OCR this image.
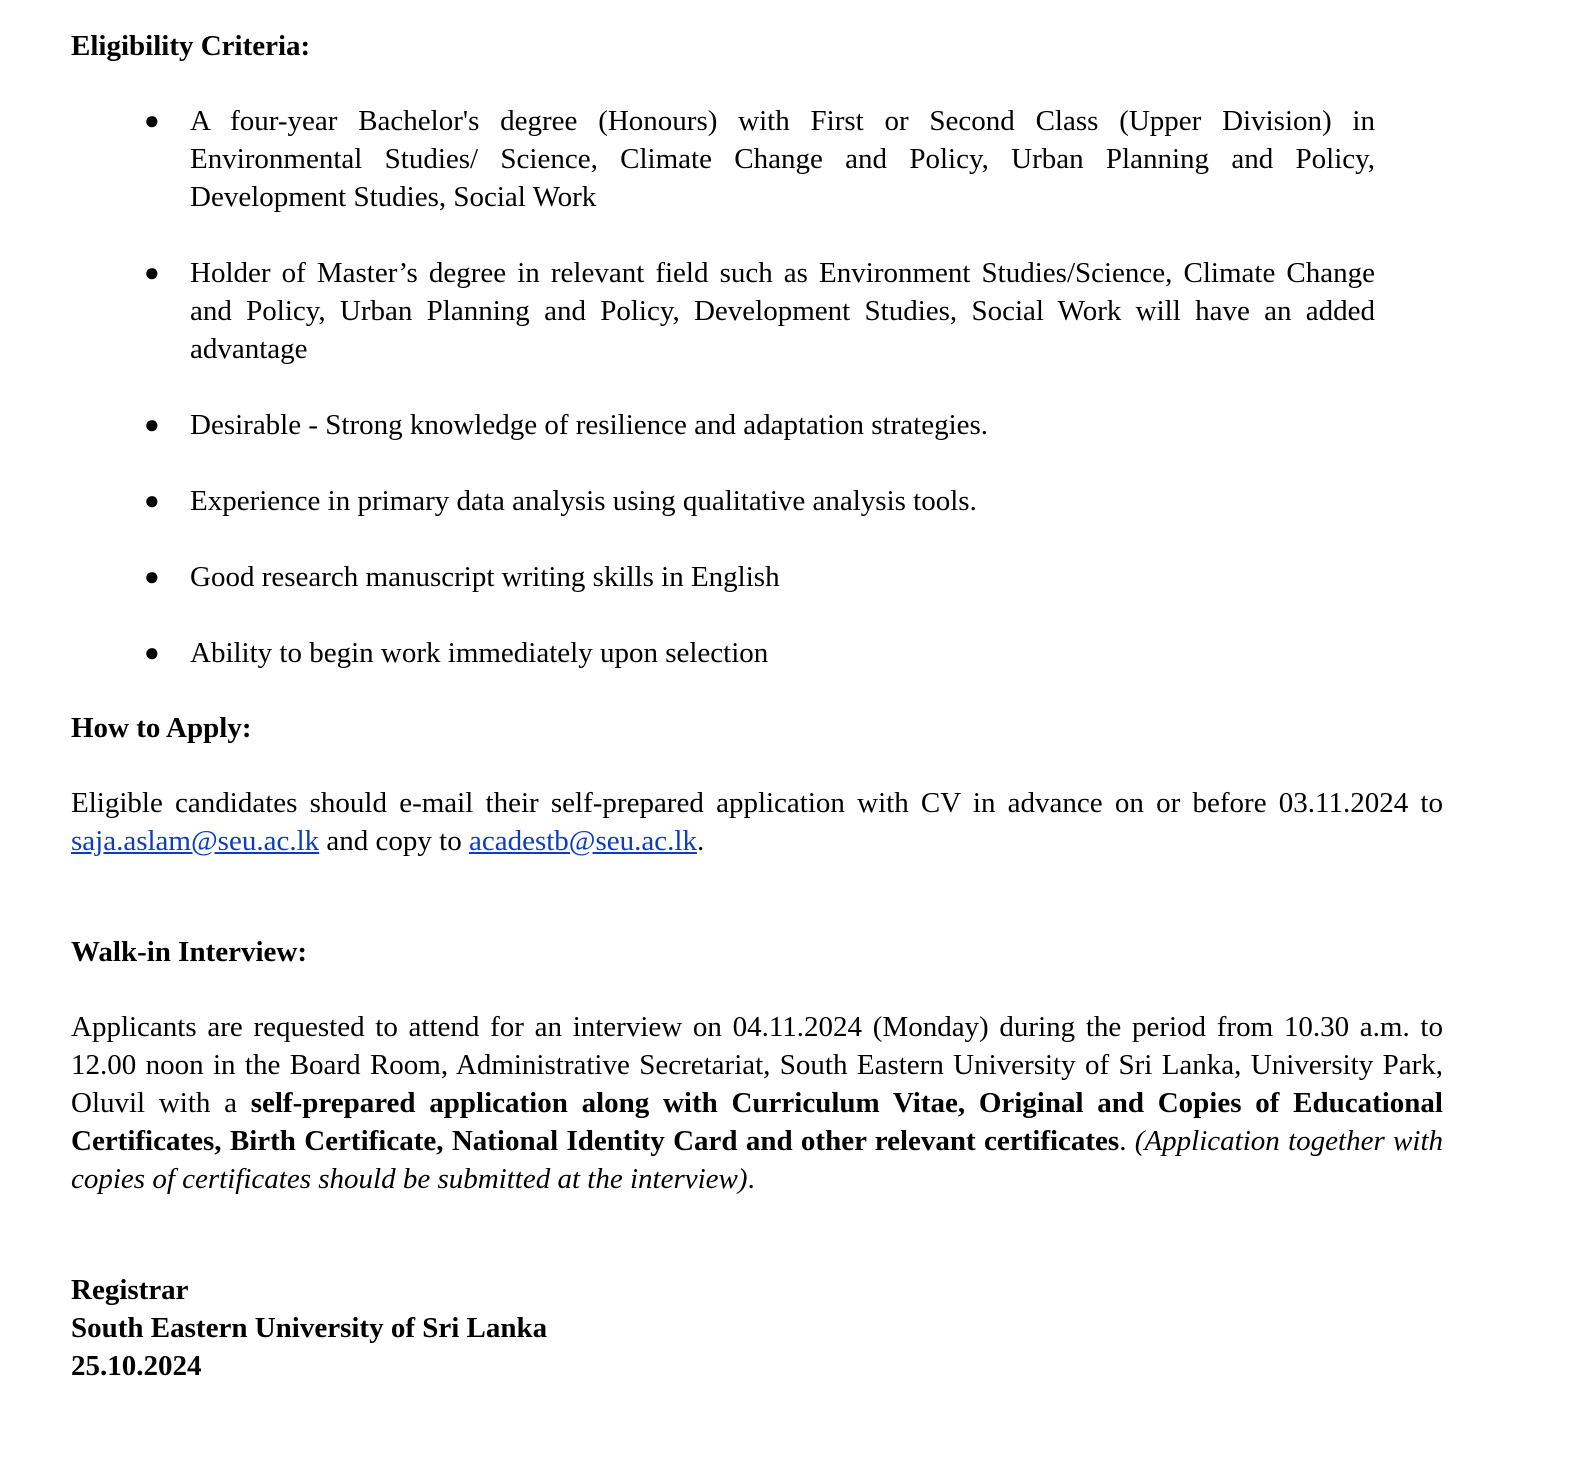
Eligibility Criteria:

● A four-year Bachelor's degree (Honours) with First or Second Class (Upper Division) in Environmental Studies/ Science, Climate Change and Policy, Urban Planning and Policy, Development Studies, Social Work
● Holder of Master’s degree in relevant field such as Environment Studies/Science, Climate Change and Policy, Urban Planning and Policy, Development Studies, Social Work will have an added advantage
● Desirable - Strong knowledge of resilience and adaptation strategies.
● Experience in primary data analysis using qualitative analysis tools.
● Good research manuscript writing skills in English
● Ability to begin work immediately upon selection

How to Apply:

Eligible candidates should e-mail their self-prepared application with CV in advance on or before 03.11.2024 to saja.aslam@seu.ac.lk and copy to acadestb@seu.ac.lk.

Walk-in Interview:

Applicants are requested to attend for an interview on 04.11.2024 (Monday) during the period from 10.30 a.m. to 12.00 noon in the Board Room, Administrative Secretariat, South Eastern University of Sri Lanka, University Park, Oluvil with a self-prepared application along with Curriculum Vitae, Original and Copies of Educational Certificates, Birth Certificate, National Identity Card and other relevant certificates. (Application together with copies of certificates should be submitted at the interview).

Registrar

South Eastern University of Sri Lanka

25.10.2024
